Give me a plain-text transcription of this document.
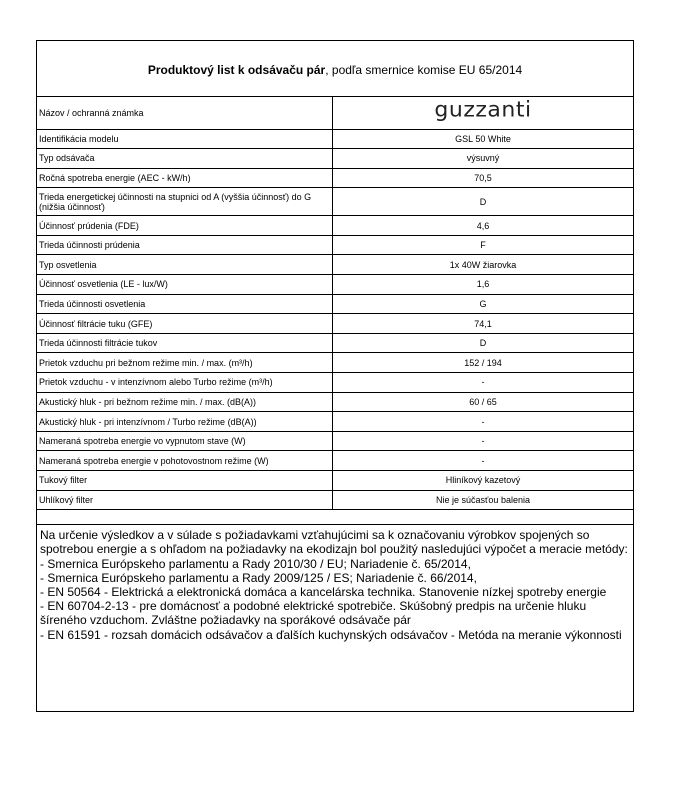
Produktový list k odsávaču pár , podľa smernice komise EU 65/2014
Názov / ochranná známka	guzzanti
Identifikácia modelu	GSL 50 White
Typ odsávača	výsuvný
Ročná spotreba energie (AEC - kW/h)	70,5
Trieda energetickej účinnosti na stupnici od A (vyššia účinnosť) do G (nižšia účinnosť)	D
Účinnosť prúdenia (FDE)	4,6
Trieda účinnosti prúdenia	F
Typ osvetlenia	1x 40W žiarovka
Účinnosť osvetlenia (LE - lux/W)	1,6
Trieda účinnosti osvetlenia	G
Účinnosť filtrácie tuku (GFE)	74,1
Trieda účinnosti filtrácie tukov	D
Prietok vzduchu pri bežnom režime min. / max. (m³/h)	152 / 194
Prietok vzduchu - v intenzívnom alebo Turbo režime (m³/h)	-
Akustický hluk - pri bežnom režime min. / max. (dB(A))	60 / 65
Akustický hluk - pri intenzívnom / Turbo režime (dB(A))	-
Nameraná spotreba energie vo vypnutom stave (W)	-
Nameraná spotreba energie v pohotovostnom režime (W)	-
Tukový filter	Hliníkový kazetový
Uhlíkový filter	Nie je súčasťou balenia
Na určenie výsledkov a v súlade s požiadavkami vzťahujúcimi sa k označovaniu výrobkov spojených so spotrebou energie a s ohľadom na požiadavky na ekodizajn bol použitý nasledujúci výpočet a meracie metódy:
- Smernica Európskeho parlamentu a Rady 2010/30 / EU; Nariadenie č. 65/2014,
- Smernica Európskeho parlamentu a Rady 2009/125 / ES; Nariadenie č. 66/2014,
- EN 50564 - Elektrická a elektronická domáca a kancelárska technika. Stanovenie nízkej spotreby energie
- EN 60704-2-13 - pre domácnosť a podobné elektrické spotrebiče. Skúšobný predpis na určenie hluku šíreného vzduchom. Zvláštne požiadavky na sporákové odsávače pár
- EN 61591 - rozsah domácich odsávačov a ďalších kuchynských odsávačov - Metóda na meranie výkonnosti
